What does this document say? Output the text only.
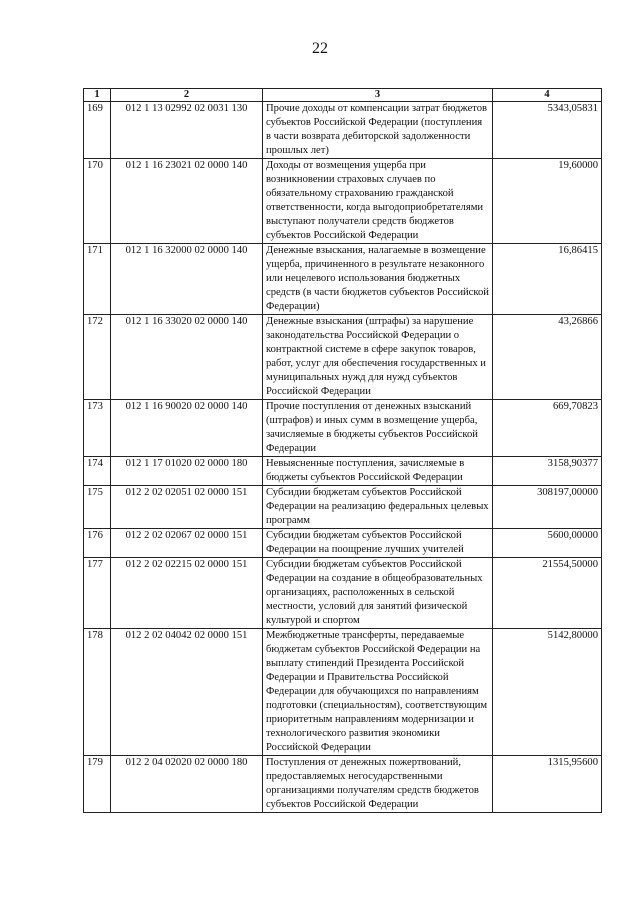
22
1	2	3	4
169	012 1 13 02992 02 0031 130	Прочие доходы от компенсации затрат бюджетов субъектов Российской Федерации (поступления в части возврата дебиторской задолженности прошлых лет)	5343,05831
170	012 1 16 23021 02 0000 140	Доходы от возмещения ущерба при возникновении страховых случаев по обязательному страхованию гражданской ответственности, когда выгодоприобретателями выступают получатели средств бюджетов субъектов Российской Федерации	19,60000
171	012 1 16 32000 02 0000 140	Денежные взыскания, налагаемые в возмещение ущерба, причиненного в результате незаконного или нецелевого использования бюджетных средств (в части бюджетов субъектов Российской Федерации)	16,86415
172	012 1 16 33020 02 0000 140	Денежные взыскания (штрафы) за нарушение законодательства Российской Федерации о контрактной системе в сфере закупок товаров, работ, услуг для обеспечения государственных и муниципальных нужд для нужд субъектов Российской Федерации	43,26866
173	012 1 16 90020 02 0000 140	Прочие поступления от денежных взысканий (штрафов) и иных сумм в возмещение ущерба, зачисляемые в бюджеты субъектов Российской Федерации	669,70823
174	012 1 17 01020 02 0000 180	Невыясненные поступления, зачисляемые в бюджеты субъектов Российской Федерации	3158,90377
175	012 2 02 02051 02 0000 151	Субсидии бюджетам субъектов Российской Федерации на реализацию федеральных целевых программ	308197,00000
176	012 2 02 02067 02 0000 151	Субсидии бюджетам субъектов Российской Федерации на поощрение лучших учителей	5600,00000
177	012 2 02 02215 02 0000 151	Субсидии бюджетам субъектов Российской Федерации на создание в общеобразовательных организациях, расположенных в сельской местности, условий для занятий физической культурой и спортом	21554,50000
178	012 2 02 04042 02 0000 151	Межбюджетные трансферты, передаваемые бюджетам субъектов Российской Федерации на выплату стипендий Президента Российской Федерации и Правительства Российской Федерации для обучающихся по направлениям подготовки (специальностям), соответствующим приоритетным направлениям модернизации и технологического развития экономики Российской Федерации	5142,80000
179	012 2 04 02020 02 0000 180	Поступления от денежных пожертвований, предоставляемых негосударственными организациями получателям средств бюджетов субъектов Российской Федерации	1315,95600
